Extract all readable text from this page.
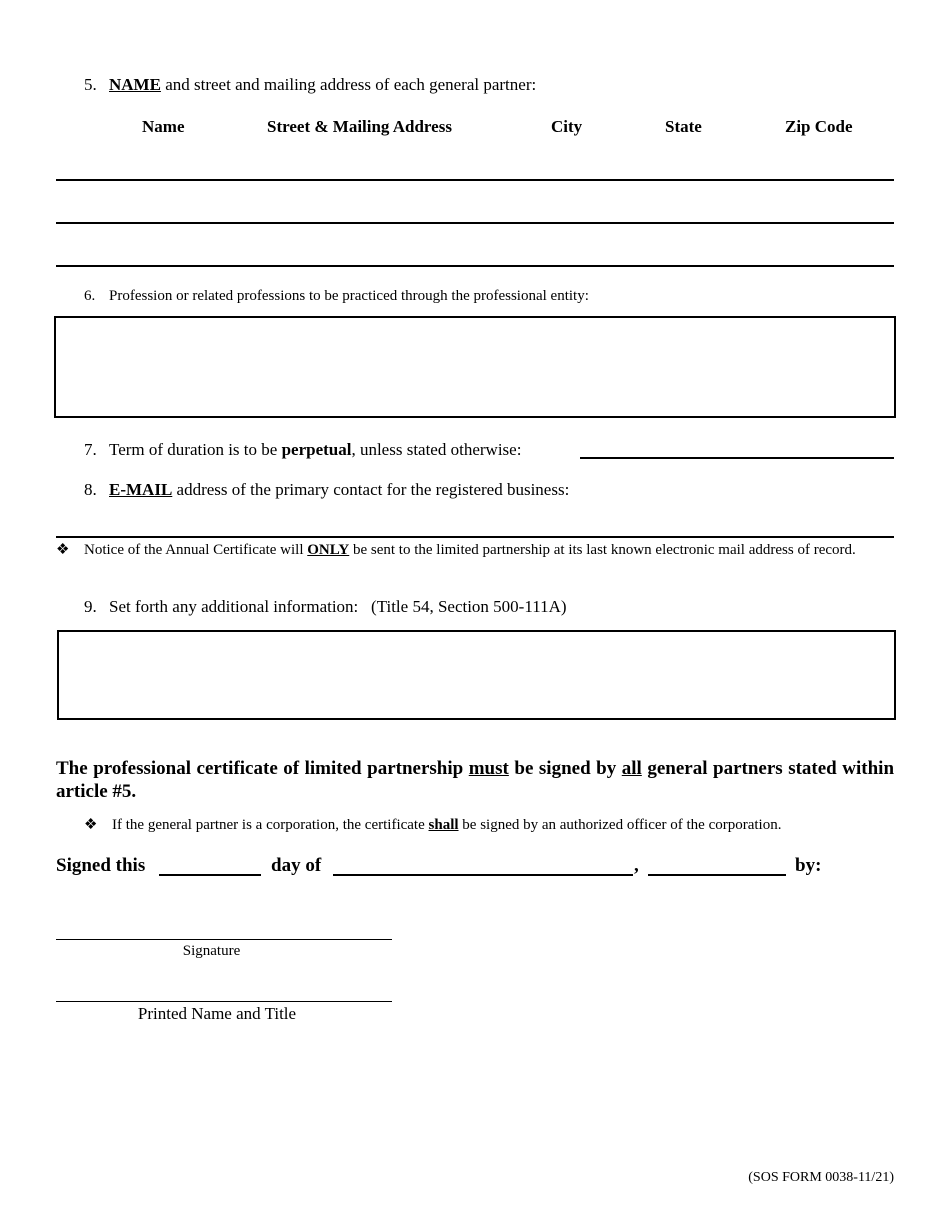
5. NAME and street and mailing address of each general partner:
Name	Street & Mailing Address	City	State	Zip Code
6. Profession or related professions to be practiced through the professional entity:
7. Term of duration is to be perpetual, unless stated otherwise:
8. E-MAIL address of the primary contact for the registered business:
❖ Notice of the Annual Certificate will ONLY be sent to the limited partnership at its last known electronic mail address of record.
9. Set forth any additional information:   (Title 54, Section 500-111A)
The professional certificate of limited partnership must be signed by all general partners stated within article #5.
❖ If the general partner is a corporation, the certificate shall be signed by an authorized officer of the corporation.
Signed this	day of	,	by:
Signature
Printed Name and Title
(SOS FORM 0038-11/21)
